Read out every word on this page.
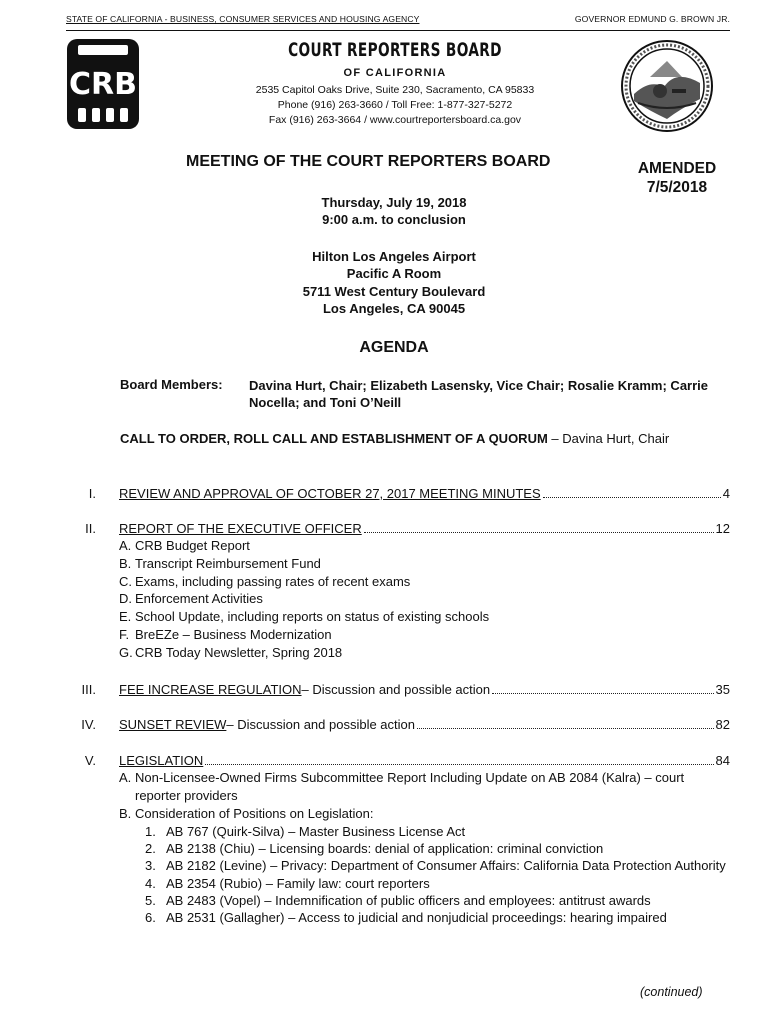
STATE OF CALIFORNIA - BUSINESS, CONSUMER SERVICES AND HOUSING AGENCY	GOVERNOR EDMUND G. BROWN JR.
CRB
COURT REPORTERS BOARD
OF CALIFORNIA
2535 Capitol Oaks Drive, Suite 230, Sacramento, CA 95833
Phone (916) 263-3660 / Toll Free: 1-877-327-5272
Fax (916) 263-3664 / www.courtreportersboard.ca.gov
MEETING OF THE COURT REPORTERS BOARD	AMENDED
7/5/2018
Thursday, July 19, 2018
9:00 a.m. to conclusion
Hilton Los Angeles Airport
Pacific A Room
5711 West Century Boulevard
Los Angeles, CA 90045
AGENDA
Board Members: Davina Hurt, Chair; Elizabeth Lasensky, Vice Chair; Rosalie Kramm; Carrie Nocella; and Toni O’Neill
CALL TO ORDER, ROLL CALL AND ESTABLISHMENT OF A QUORUM – Davina Hurt, Chair
I. REVIEW AND APPROVAL OF OCTOBER 27, 2017 MEETING MINUTES	4
II. REPORT OF THE EXECUTIVE OFFICER	12
A. CRB Budget Report
B. Transcript Reimbursement Fund
C. Exams, including passing rates of recent exams
D. Enforcement Activities
E. School Update, including reports on status of existing schools
F. BreEZe – Business Modernization
G. CRB Today Newsletter, Spring 2018
III. FEE INCREASE REGULATION – Discussion and possible action	35
IV. SUNSET REVIEW – Discussion and possible action	82
V. LEGISLATION	84
A. Non-Licensee-Owned Firms Subcommittee Report Including Update on AB 2084 (Kalra) – court reporter providers
B. Consideration of Positions on Legislation:
1. AB 767 (Quirk-Silva) – Master Business License Act
2. AB 2138 (Chiu) – Licensing boards: denial of application: criminal conviction
3. AB 2182 (Levine) – Privacy: Department of Consumer Affairs: California Data Protection Authority
4. AB 2354 (Rubio) – Family law: court reporters
5. AB 2483 (Vopel) – Indemnification of public officers and employees: antitrust awards
6. AB 2531 (Gallagher) – Access to judicial and nonjudicial proceedings: hearing impaired
(continued)
